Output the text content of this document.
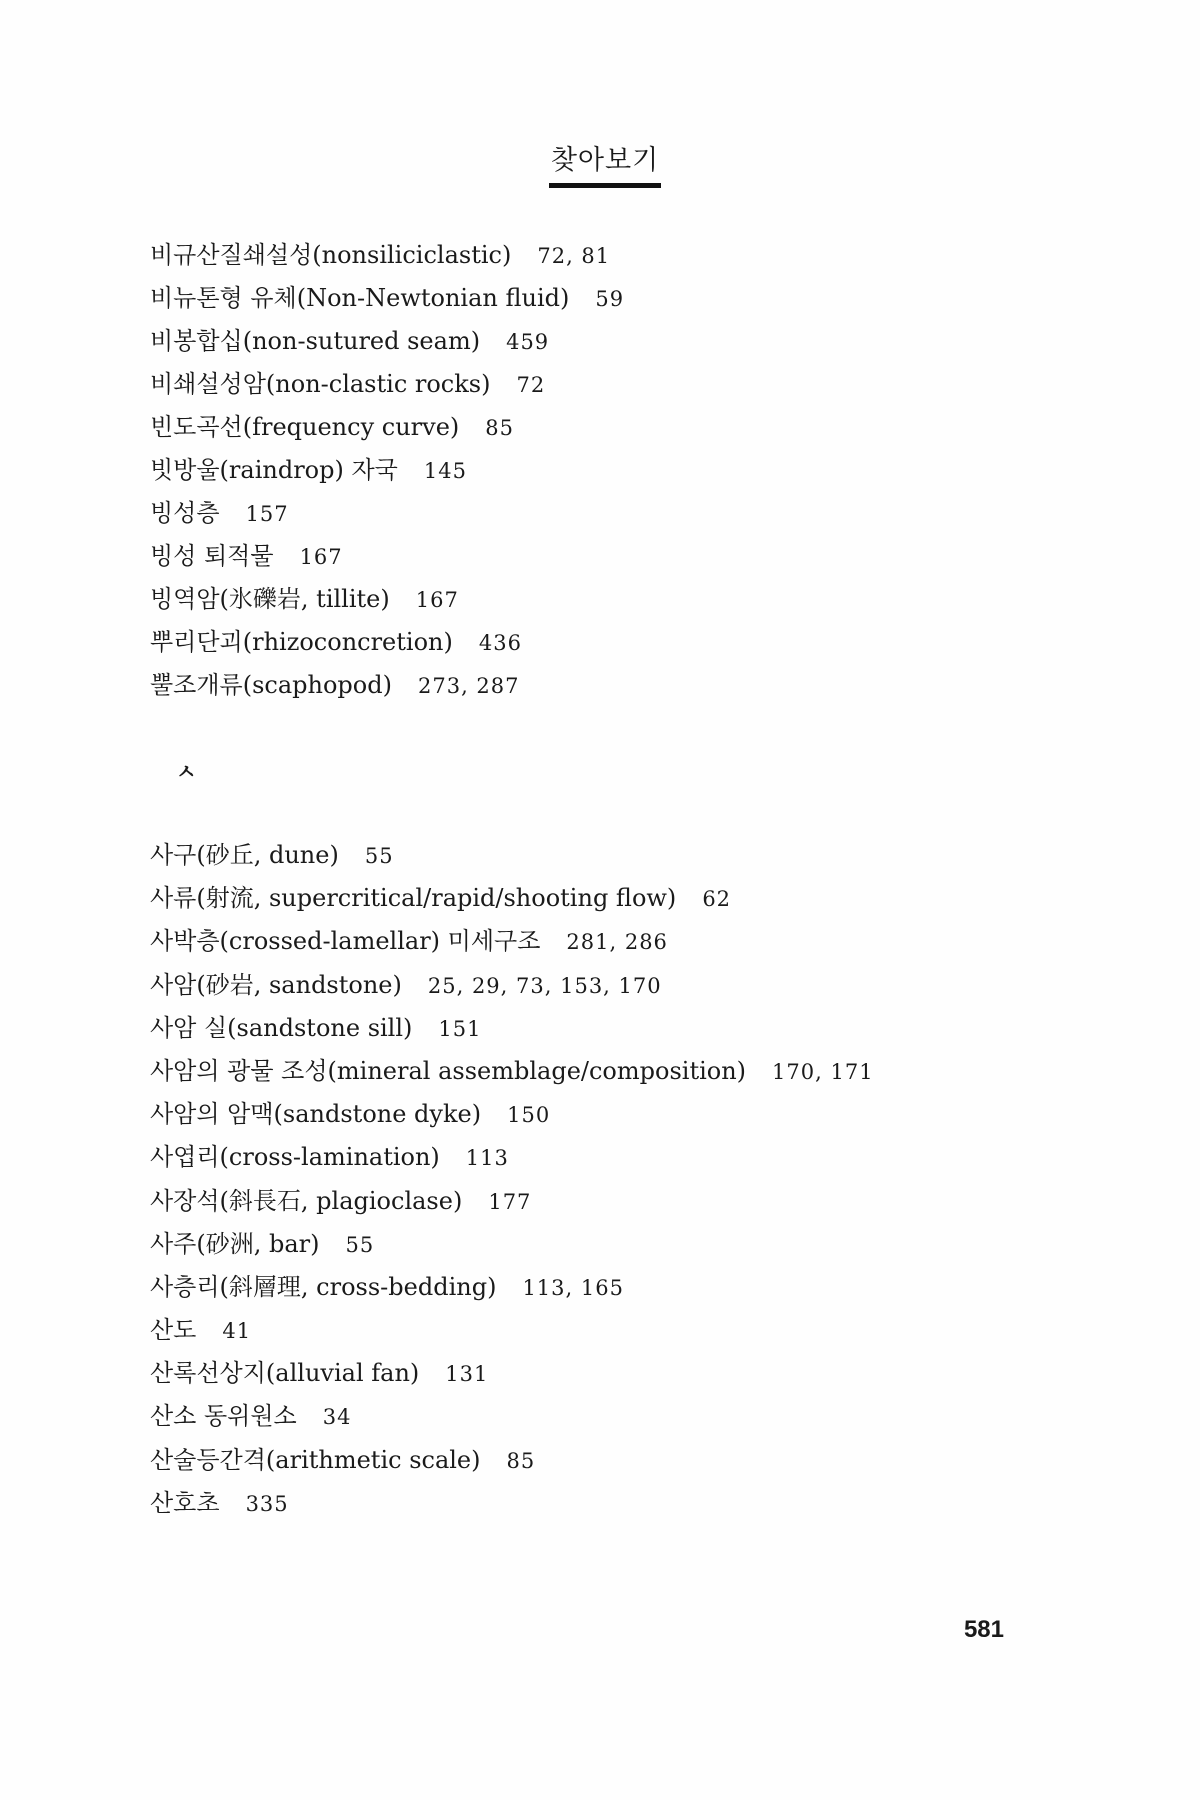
찾아보기
비규산질쇄설성(nonsiliciclastic) 72, 81
비뉴톤형 유체(Non-Newtonian fluid) 59
비봉합십(non-sutured seam) 459
비쇄설성암(non-clastic rocks) 72
빈도곡선(frequency curve) 85
빗방울(raindrop) 자국 145
빙성층 157
빙성 퇴적물 167
빙역암(氷礫岩, tillite) 167
뿌리단괴(rhizoconcretion) 436
뿔조개류(scaphopod) 273, 287
ㅅ
사구(砂丘, dune) 55
사류(射流, supercritical/rapid/shooting flow) 62
사박층(crossed-lamellar) 미세구조 281, 286
사암(砂岩, sandstone) 25, 29, 73, 153, 170
사암 실(sandstone sill) 151
사암의 광물 조성(mineral assemblage/composition) 170, 171
사암의 암맥(sandstone dyke) 150
사엽리(cross-lamination) 113
사장석(斜長石, plagioclase) 177
사주(砂洲, bar) 55
사층리(斜層理, cross-bedding) 113, 165
산도 41
산록선상지(alluvial fan) 131
산소 동위원소 34
산술등간격(arithmetic scale) 85
산호초 335
581
